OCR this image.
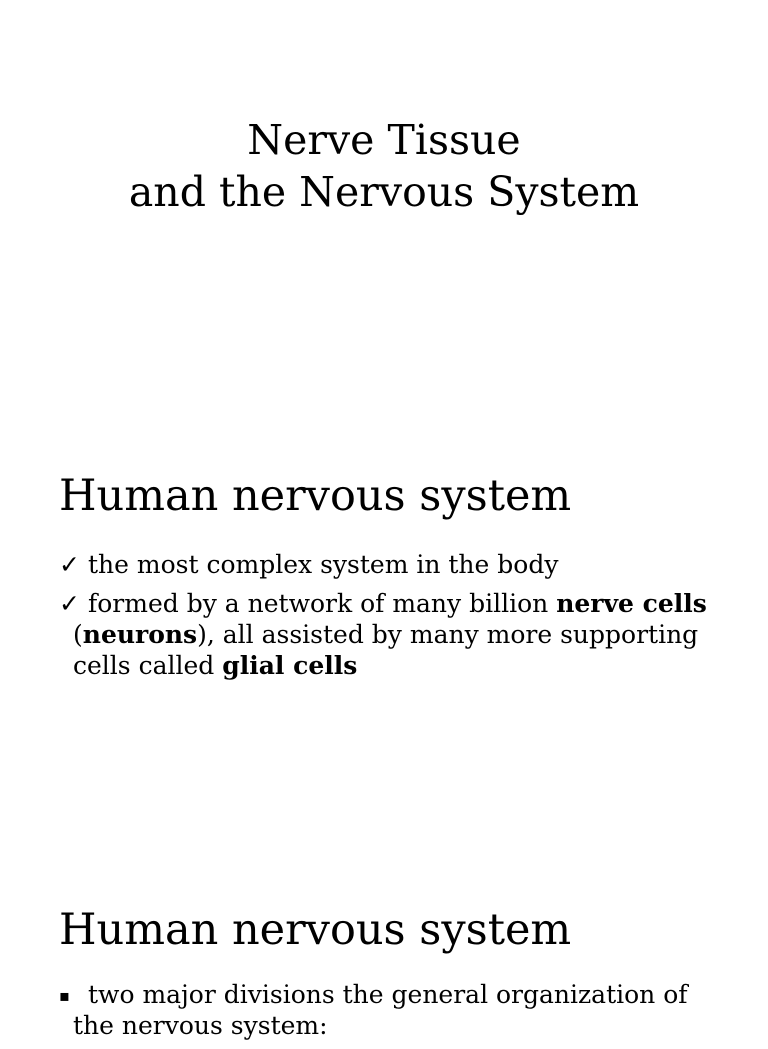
Nerve Tissue
and the Nervous System
Human nervous system
✓ the most complex system in the body
✓ formed by a network of many billion nerve cells (neurons), all assisted by many more supporting cells called glial cells
Human nervous system
▪ two major divisions the general organization of the nervous system:
